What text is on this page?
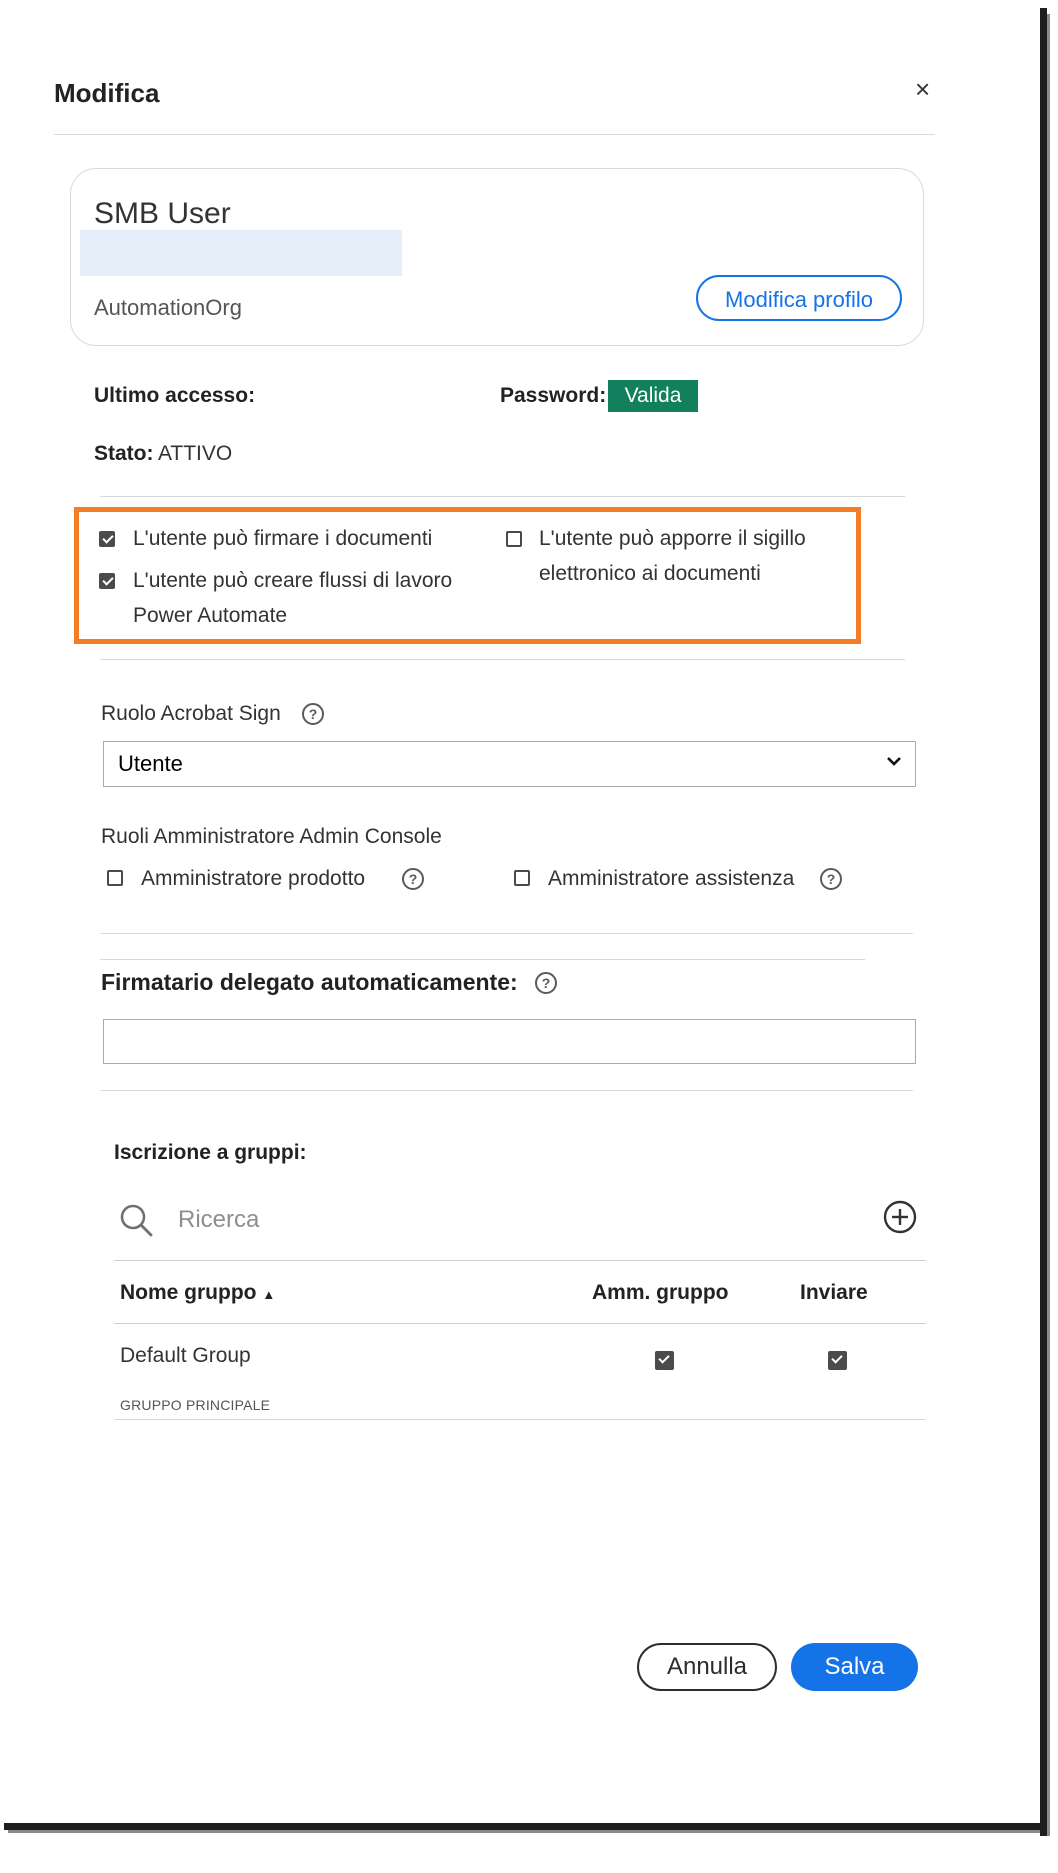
Modifica	×
SMB User
AutomationOrg	Modifica profilo
Ultimo accesso:	Password: Valida
Stato: ATTIVO
L'utente può firmare i documenti
L'utente può creare flussi di lavoro
Power Automate
L'utente può apporre il sigillo
elettronico ai documenti
Ruolo Acrobat Sign	?
Utente
Ruoli Amministratore Admin Console
Amministratore prodotto	?	Amministratore assistenza	?
Firmatario delegato automaticamente:	?
Iscrizione a gruppi:
Ricerca
Nome gruppo ▲	Amm. gruppo	Inviare
Default Group
GRUPPO PRINCIPALE
Annulla	Salva
